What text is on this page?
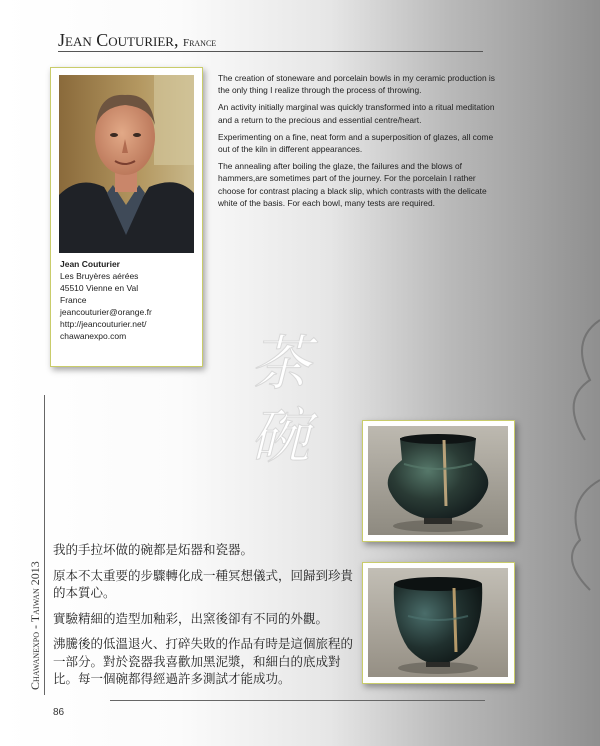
Jean Couturier, France
Jean Couturier
Les Bruyères aérées
45510 Vienne en Val
France
jeancouturier@orange.fr
http://jeancouturier.net/
chawanexpo.com

The creation of stoneware and porcelain bowls in my ceramic production is the only thing I realize through the process of throwing.

An activity initially marginal was quickly transformed into a ritual meditation and a return to the precious and essential centre/heart.

Experimenting on a fine, neat form and a superposition of glazes, all come out of the kiln in different appearances.

The annealing after boiling the glaze, the failures and the blows of hammers,are sometimes part of the journey. For the porcelain I rather choose for contrast placing a black slip, which contrasts with the delicate white of the basis. For each bowl, many tests are required.

茶
碗

我的手拉坏做的碗都是炻器和瓷器。

原本不太重要的步驟轉化成一種冥想儀式，回歸到珍貴的本質心。

實驗精細的造型加釉彩，出窯後卻有不同的外觀。

沸騰後的低溫退火、打碎失敗的作品有時是這個旅程的一部分。對於瓷器我喜歡加黑泥漿，和細白的底成對比。每一個碗都得經過許多測試才能成功。

Chawanexpo - Taiwan 2013
86
